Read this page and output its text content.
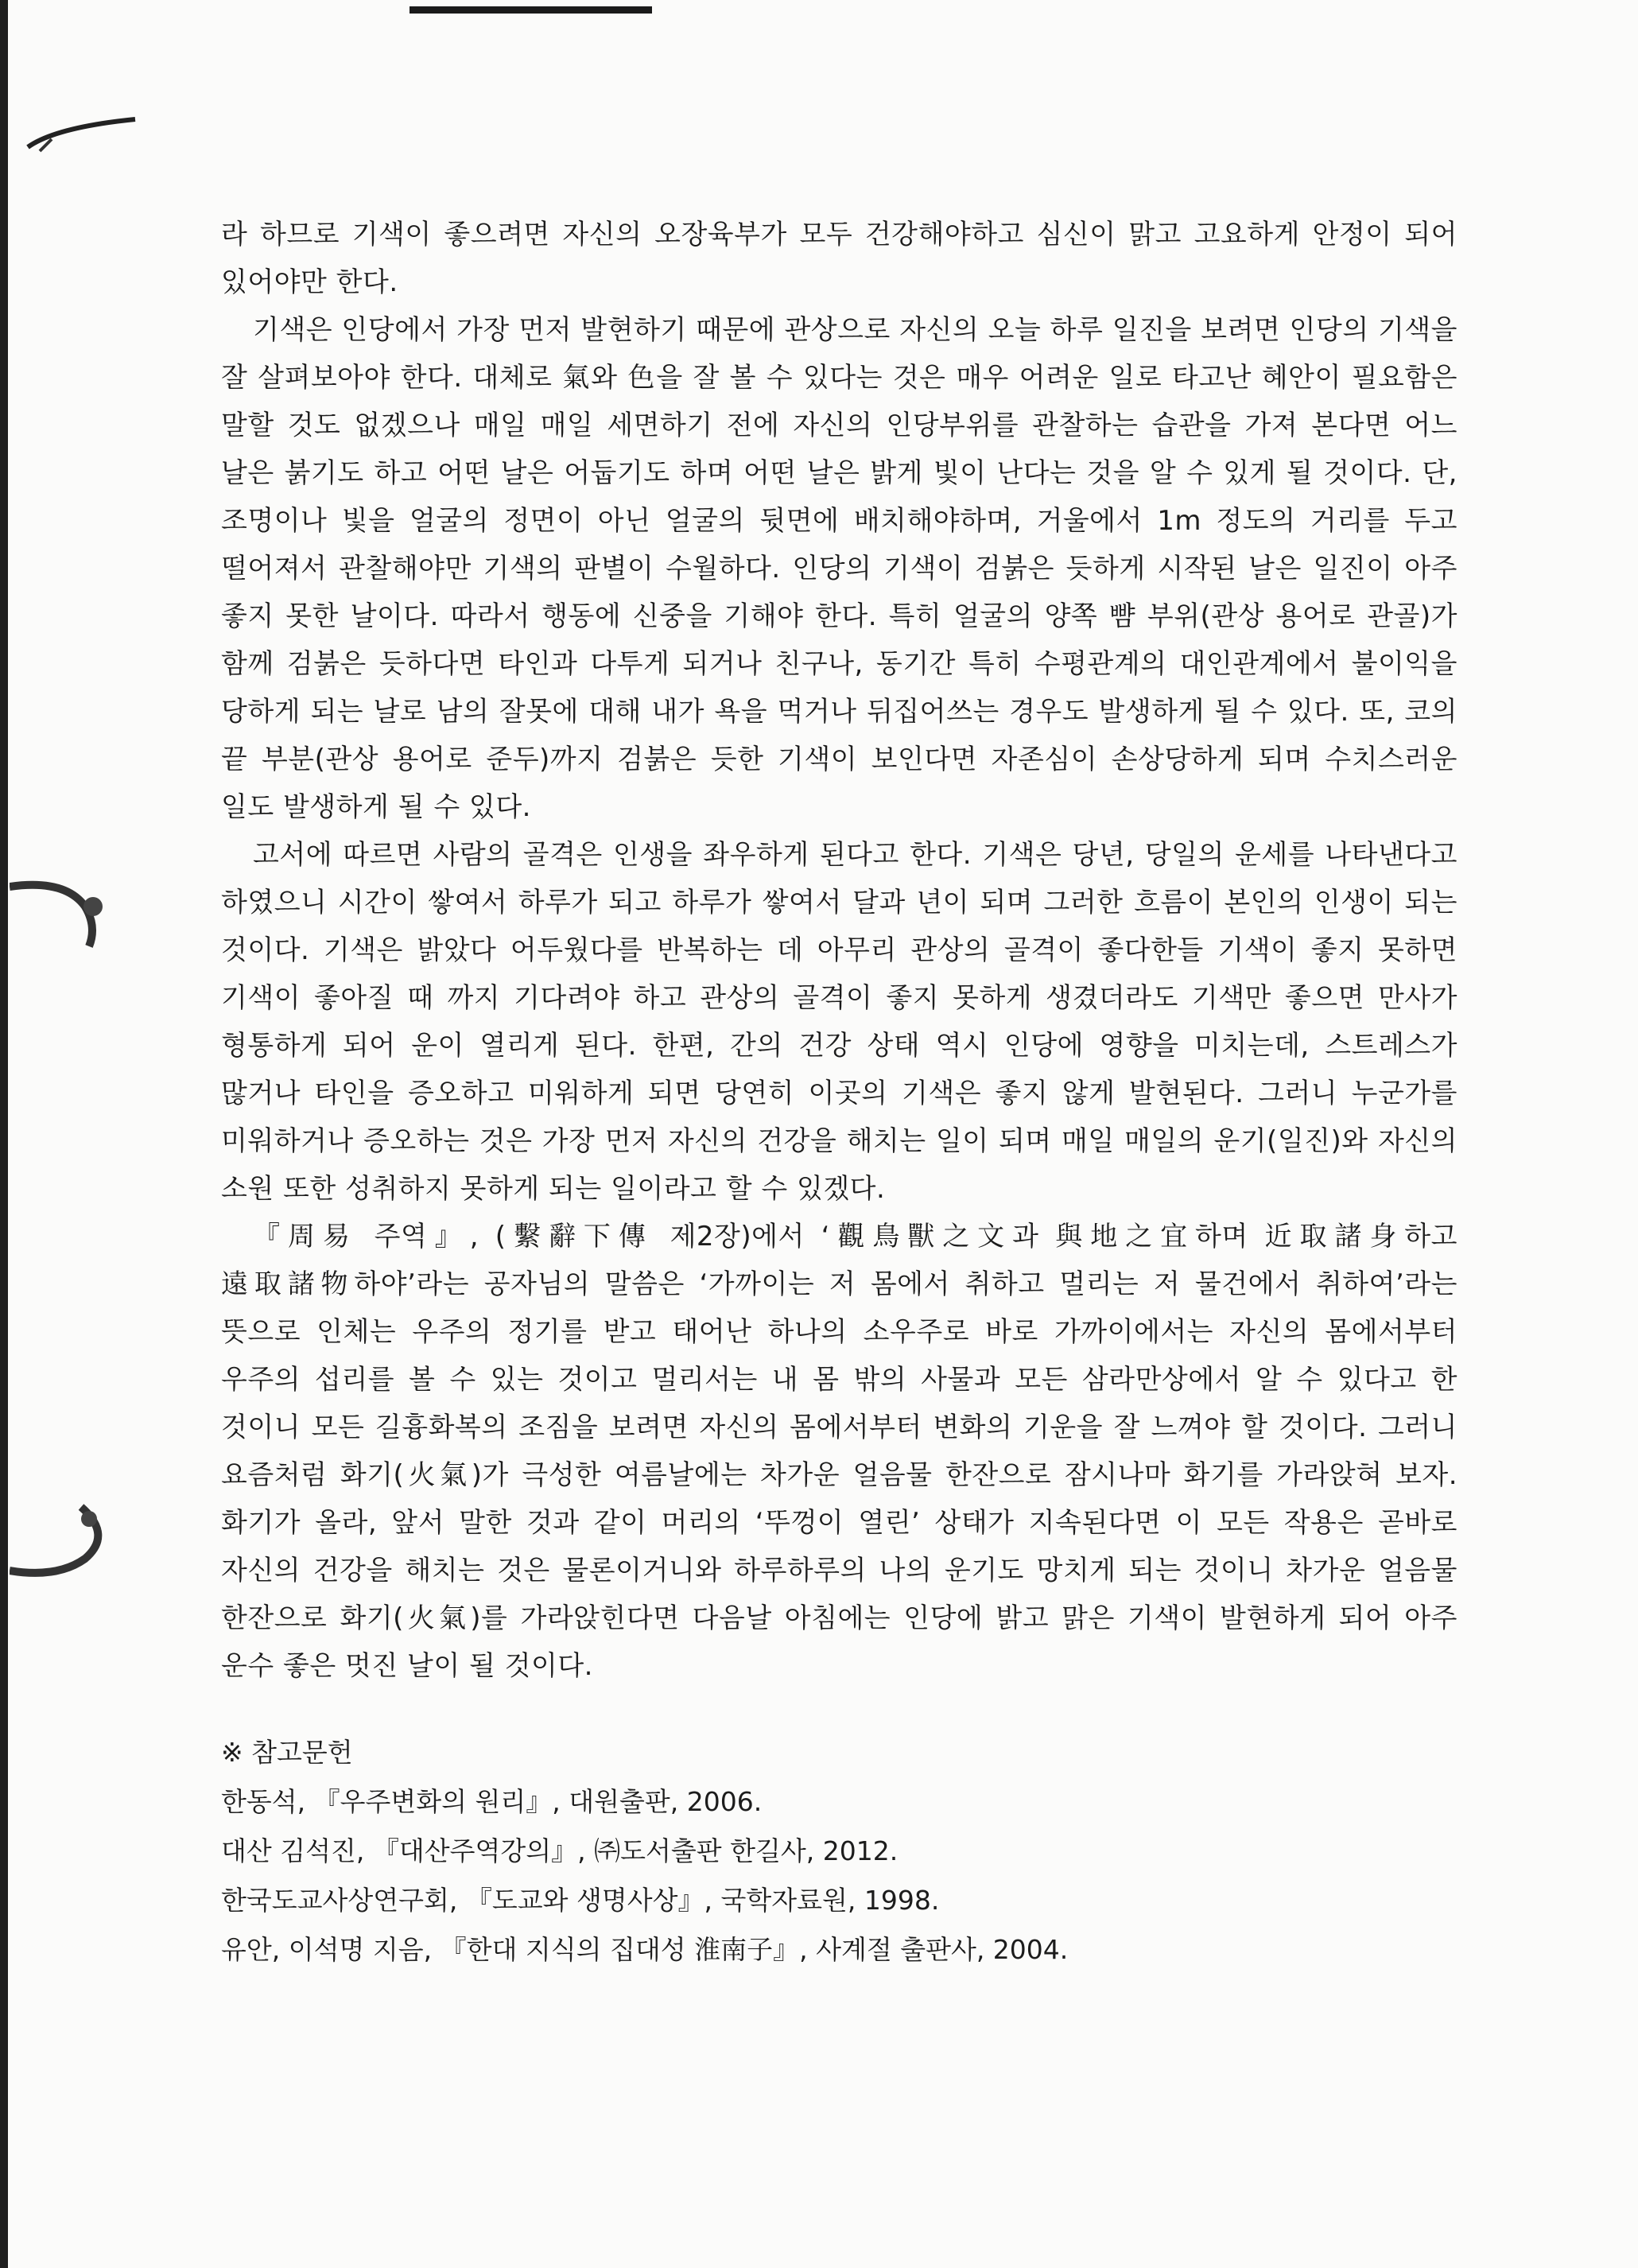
라 하므로 기색이 좋으려면 자신의 오장육부가 모두 건강해야하고 심신이 맑고 고요하게 안정이 되어 있어야만 한다.

기색은 인당에서 가장 먼저 발현하기 때문에 관상으로 자신의 오늘 하루 일진을 보려면 인당의 기색을 잘 살펴보아야 한다. 대체로 氣와 色을 잘 볼 수 있다는 것은 매우 어려운 일로 타고난 혜안이 필요함은 말할 것도 없겠으나 매일 매일 세면하기 전에 자신의 인당부위를 관찰하는 습관을 가져 본다면 어느 날은 붉기도 하고 어떤 날은 어둡기도 하며 어떤 날은 밝게 빛이 난다는 것을 알 수 있게 될 것이다. 단, 조명이나 빛을 얼굴의 정면이 아닌 얼굴의 뒷면에 배치해야하며, 거울에서 1m 정도의 거리를 두고 떨어져서 관찰해야만 기색의 판별이 수월하다. 인당의 기색이 검붉은 듯하게 시작된 날은 일진이 아주 좋지 못한 날이다. 따라서 행동에 신중을 기해야 한다. 특히 얼굴의 양쪽 뺨 부위(관상 용어로 관골)가 함께 검붉은 듯하다면 타인과 다투게 되거나 친구나, 동기간 특히 수평관계의 대인관계에서 불이익을 당하게 되는 날로 남의 잘못에 대해 내가 욕을 먹거나 뒤집어쓰는 경우도 발생하게 될 수 있다. 또, 코의 끝 부분(관상 용어로 준두)까지 검붉은 듯한 기색이 보인다면 자존심이 손상당하게 되며 수치스러운 일도 발생하게 될 수 있다.

고서에 따르면 사람의 골격은 인생을 좌우하게 된다고 한다. 기색은 당년, 당일의 운세를 나타낸다고 하였으니 시간이 쌓여서 하루가 되고 하루가 쌓여서 달과 년이 되며 그러한 흐름이 본인의 인생이 되는 것이다. 기색은 밝았다 어두웠다를 반복하는 데 아무리 관상의 골격이 좋다한들 기색이 좋지 못하면 기색이 좋아질 때 까지 기다려야 하고 관상의 골격이 좋지 못하게 생겼더라도 기색만 좋으면 만사가 형통하게 되어 운이 열리게 된다. 한편, 간의 건강 상태 역시 인당에 영향을 미치는데, 스트레스가 많거나 타인을 증오하고 미워하게 되면 당연히 이곳의 기색은 좋지 않게 발현된다. 그러니 누군가를 미워하거나 증오하는 것은 가장 먼저 자신의 건강을 해치는 일이 되며 매일 매일의 운기(일진)와 자신의 소원 또한 성취하지 못하게 되는 일이라고 할 수 있겠다.

『周易 주역』, (繫辭下傳 제2장)에서 ‘觀鳥獸之文과 與地之宜하며 近取諸身하고 遠取諸物하야’라는 공자님의 말씀은 ‘가까이는 저 몸에서 취하고 멀리는 저 물건에서 취하여’라는 뜻으로 인체는 우주의 정기를 받고 태어난 하나의 소우주로 바로 가까이에서는 자신의 몸에서부터 우주의 섭리를 볼 수 있는 것이고 멀리서는 내 몸 밖의 사물과 모든 삼라만상에서 알 수 있다고 한 것이니 모든 길흉화복의 조짐을 보려면 자신의 몸에서부터 변화의 기운을 잘 느껴야 할 것이다. 그러니 요즘처럼 화기(火氣)가 극성한 여름날에는 차가운 얼음물 한잔으로 잠시나마 화기를 가라앉혀 보자. 화기가 올라, 앞서 말한 것과 같이 머리의 ‘뚜껑이 열린’ 상태가 지속된다면 이 모든 작용은 곧바로 자신의 건강을 해치는 것은 물론이거니와 하루하루의 나의 운기도 망치게 되는 것이니 차가운 얼음물 한잔으로 화기(火氣)를 가라앉힌다면 다음날 아침에는 인당에 밝고 맑은 기색이 발현하게 되어 아주 운수 좋은 멋진 날이 될 것이다.

※ 참고문헌

한동석, 『우주변화의 원리』, 대원출판, 2006.

대산 김석진, 『대산주역강의』, ㈜도서출판 한길사, 2012.

한국도교사상연구회, 『도교와 생명사상』, 국학자료원, 1998.

유안, 이석명 지음, 『한대 지식의 집대성 淮南子』, 사계절 출판사, 2004.
